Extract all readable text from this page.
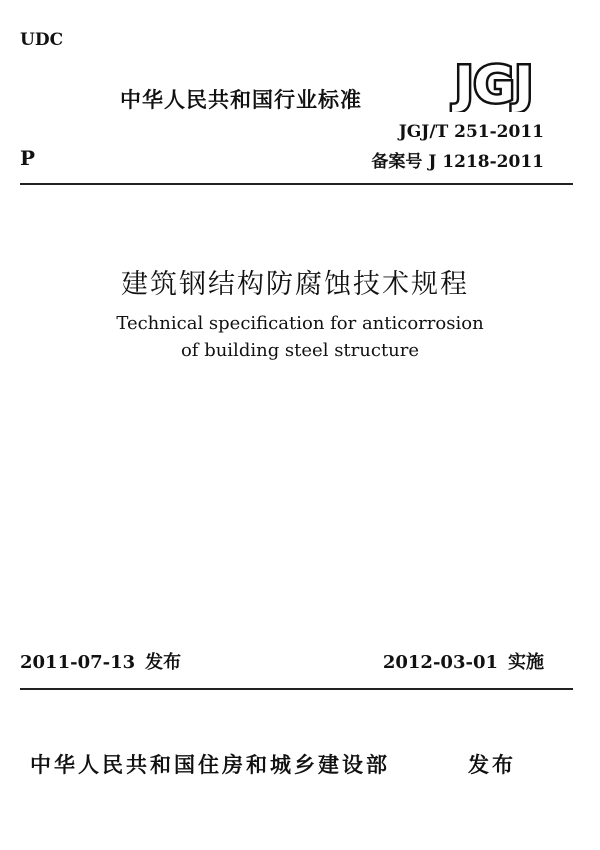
UDC
中华人民共和国行业标准 JGJ
P
JGJ/T 251-2011
备案号 J 1218-2011
建筑钢结构防腐蚀技术规程
Technical specification for anticorrosion
of building steel structure
2011-07-13 发布	2012-03-01 实施
中华人民共和国住房和城乡建设部	发布
